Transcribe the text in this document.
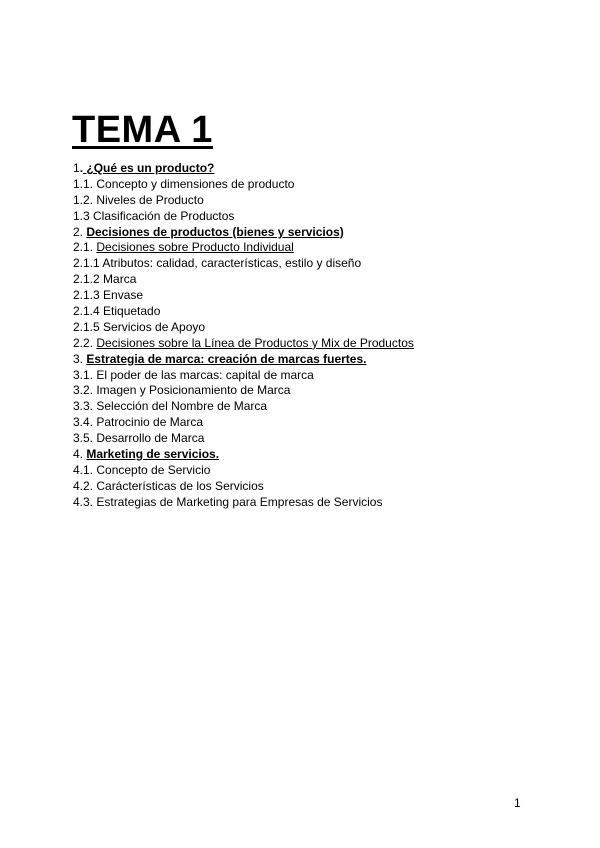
TEMA 1
1. ¿Qué es un producto?
1.1. Concepto y dimensiones de producto
1.2. Niveles de Producto
1.3 Clasificación de Productos
2. Decisiones de productos (bienes y servicios)
2.1. Decisiones sobre Producto Individual
2.1.1 Atributos: calidad, características, estilo y diseño
2.1.2 Marca
2.1.3 Envase
2.1.4 Etiquetado
2.1.5 Servicios de Apoyo
2.2. Decisiones sobre la Línea de Productos y Mix de Productos
3. Estrategia de marca: creación de marcas fuertes.
3.1. El poder de las marcas: capital de marca
3.2. Imagen y Posicionamiento de Marca
3.3. Selección del Nombre de Marca
3.4. Patrocinio de Marca
3.5. Desarrollo de Marca
4. Marketing de servicios.
4.1. Concepto de Servicio
4.2. Carácterísticas de los Servicios
4.3. Estrategias de Marketing para Empresas de Servicios
1
